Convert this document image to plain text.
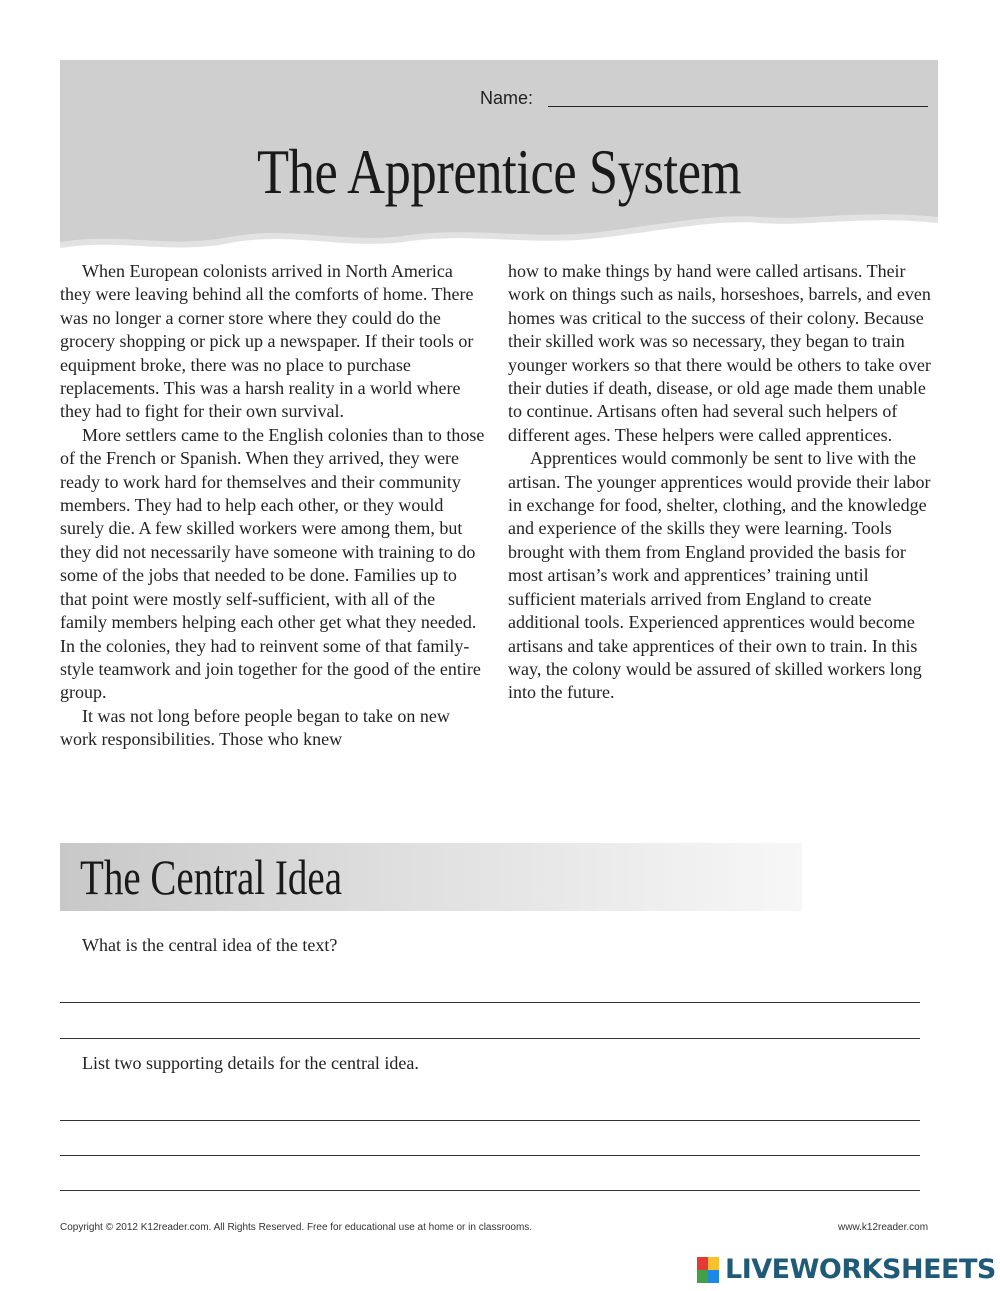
Name:
The Apprentice System

When European colonists arrived in North America they were leaving behind all the comforts of home. There was no longer a corner store where they could do the grocery shopping or pick up a newspaper. If their tools or equipment broke, there was no place to purchase replacements. This was a harsh reality in a world where they had to fight for their own survival.

More settlers came to the English colonies than to those of the French or Spanish. When they arrived, they were ready to work hard for themselves and their community members. They had to help each other, or they would surely die. A few skilled workers were among them, but they did not necessarily have someone with training to do some of the jobs that needed to be done. Families up to that point were mostly self-sufficient, with all of the family members helping each other get what they needed. In the colonies, they had to reinvent some of that family-style teamwork and join together for the good of the entire group.

It was not long before people began to take on new work responsibilities. Those who knew

how to make things by hand were called artisans. Their work on things such as nails, horseshoes, barrels, and even homes was critical to the success of their colony. Because their skilled work was so necessary, they began to train younger workers so that there would be others to take over their duties if death, disease, or old age made them unable to continue. Artisans often had several such helpers of different ages. These helpers were called apprentices.

Apprentices would commonly be sent to live with the artisan. The younger apprentices would provide their labor in exchange for food, shelter, clothing, and the knowledge and experience of the skills they were learning. Tools brought with them from England provided the basis for most artisan’s work and apprentices’ training until sufficient materials arrived from England to create additional tools. Experienced apprentices would become artisans and take apprentices of their own to train. In this way, the colony would be assured of skilled workers long into the future.

The Central Idea
What is the central idea of the text?
List two supporting details for the central idea.
Copyright © 2012 K12reader.com. All Rights Reserved. Free for educational use at home or in classrooms.	www.k12reader.com
LIVEWORKSHEETS
